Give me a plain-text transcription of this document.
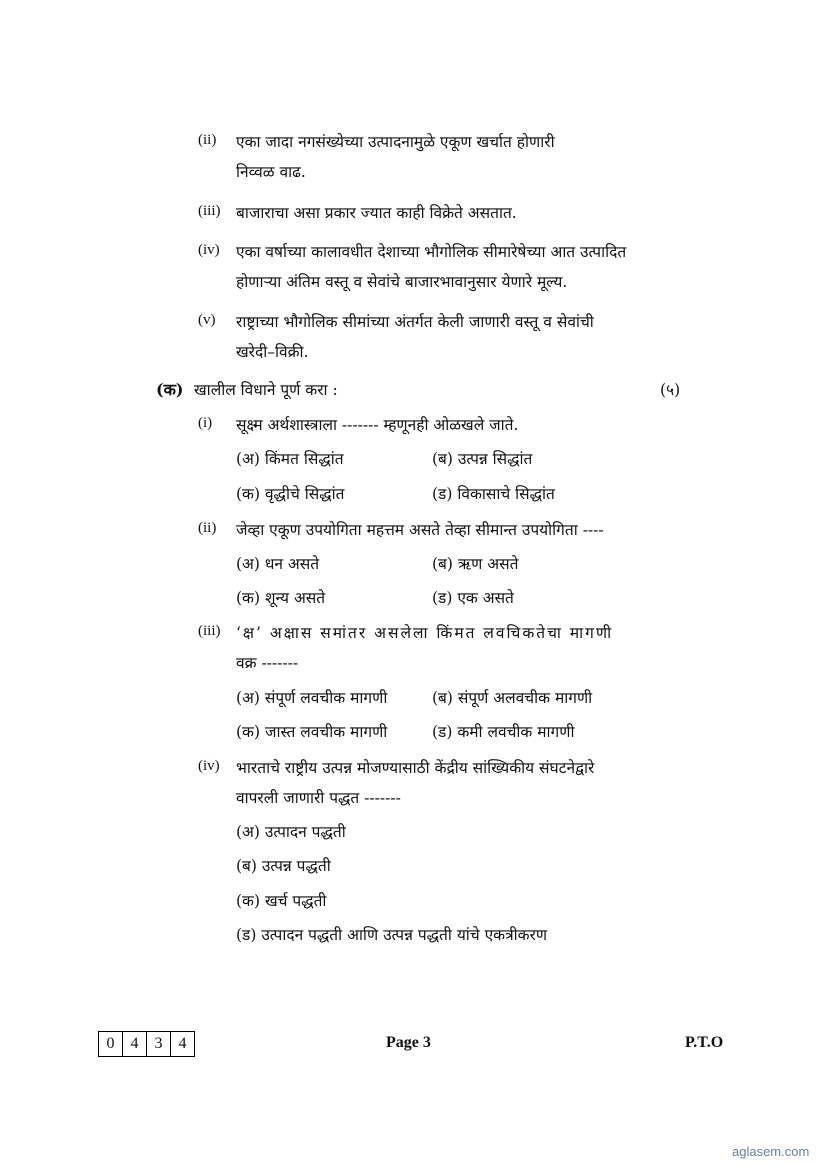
(ii) एका जादा नगसंख्येच्या उत्पादनामुळे एकूण खर्चात होणारी
निव्वळ वाढ.
(iii) बाजाराचा असा प्रकार ज्यात काही विक्रेते असतात.
(iv) एका वर्षाच्या कालावधीत देशाच्या भौगोलिक सीमारेषेच्या आत उत्पादित
होणाऱ्या अंतिम वस्तू व सेवांचे बाजारभावानुसार येणारे मूल्य.
(v) राष्ट्राच्या भौगोलिक सीमांच्या अंतर्गत केली जाणारी वस्तू व सेवांची
खरेदी–विक्री.
(क) खालील विधाने पूर्ण करा :	(५)
(i) सूक्ष्म अर्थशास्त्राला ------- म्हणूनही ओळखले जाते.
(अ) किंमत सिद्धांत	(ब) उत्पन्न सिद्धांत
(क) वृद्धीचे सिद्धांत	(ड) विकासाचे सिद्धांत
(ii) जेव्हा एकूण उपयोगिता महत्तम असते तेव्हा सीमान्त उपयोगिता ----
(अ) धन असते	(ब) ऋण असते
(क) शून्य असते	(ड) एक असते
(iii) ‘क्ष’ अक्षास समांतर असलेला किंमत लवचिकतेचा मागणी
वक्र -------
(अ) संपूर्ण लवचीक मागणी	(ब) संपूर्ण अलवचीक मागणी
(क) जास्त लवचीक मागणी	(ड) कमी लवचीक मागणी
(iv) भारताचे राष्ट्रीय उत्पन्न मोजण्यासाठी केंद्रीय सांख्यिकीय संघटनेद्वारे
वापरली जाणारी पद्धत -------
(अ) उत्पादन पद्धती
(ब) उत्पन्न पद्धती
(क) खर्च पद्धती
(ड) उत्पादन पद्धती आणि उत्पन्न पद्धती यांचे एकत्रीकरण
0	4	3	4	Page 3	P.T.O
aglasem.com
